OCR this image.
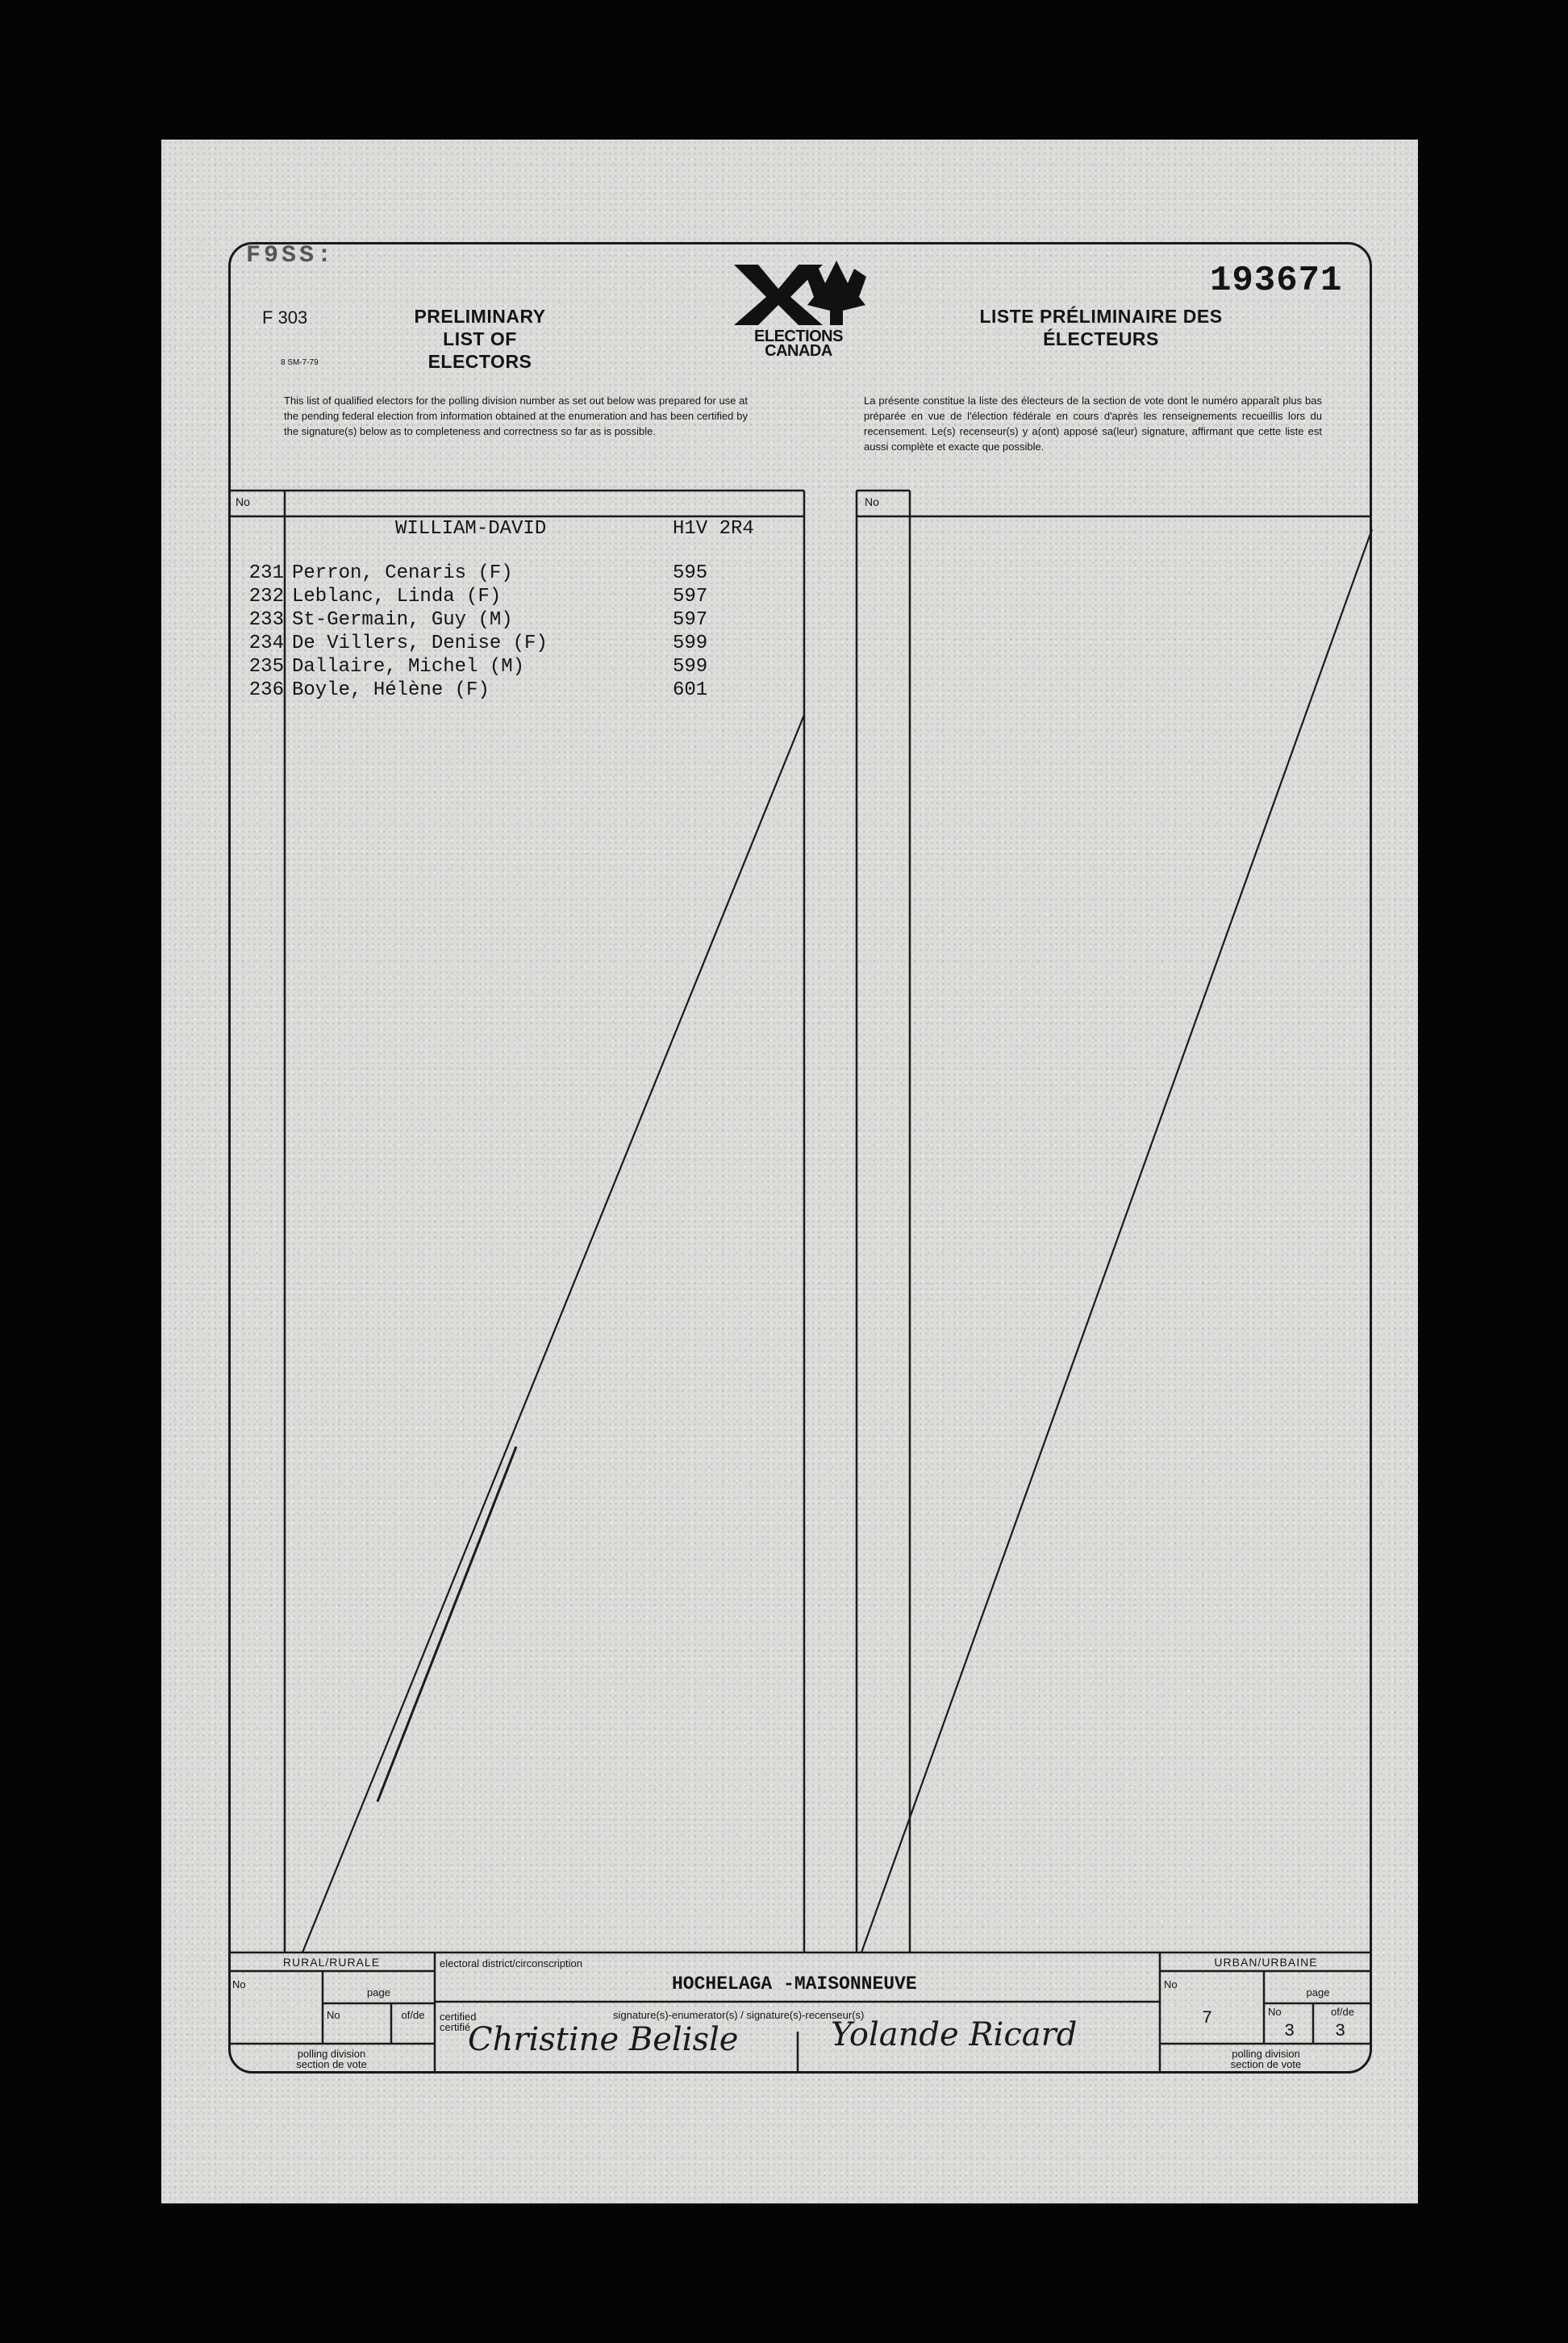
F9SS:
193671
F 303
8 SM-7-79
PRELIMINARY LIST OF ELECTORS
ELECTIONS
CANADA
LISTE PRÉLIMINAIRE DES ÉLECTEURS
This list of qualified electors for the polling division number as set out below was prepared for use at the pending federal election from information obtained at the enumeration and has been certified by the signature(s) below as to completeness and correctness so far as is possible.
La présente constitue la liste des électeurs de la section de vote dont le numéro apparaît plus bas préparée en vue de l'élection fédérale en cours d'après les renseignements recueillis lors du recensement. Le(s) recenseur(s) y a(ont) apposé sa(leur) signature, affirmant que cette liste est aussi complète et exacte que possible.
No	No
WILLIAM-DAVID	H1V 2R4
231 Perron, Cenaris (F)	595
232 Leblanc, Linda (F)	597
233 St-Germain, Guy (M)	597
234 De Villers, Denise (F)	599
235 Dallaire, Michel (M)	599
236 Boyle, Hélène (F)	601
RURAL/RURALE
No
page
No	of/de
polling division
section de vote
electoral district/circonscription
HOCHELAGA -MAISONNEUVE
certified
certifié
signature(s)-enumerator(s) / signature(s)-recenseur(s)
Christine Belisle	Yolande Ricard
URBAN/URBAINE
No
7
page
No
3
of/de
3
polling division
section de vote
